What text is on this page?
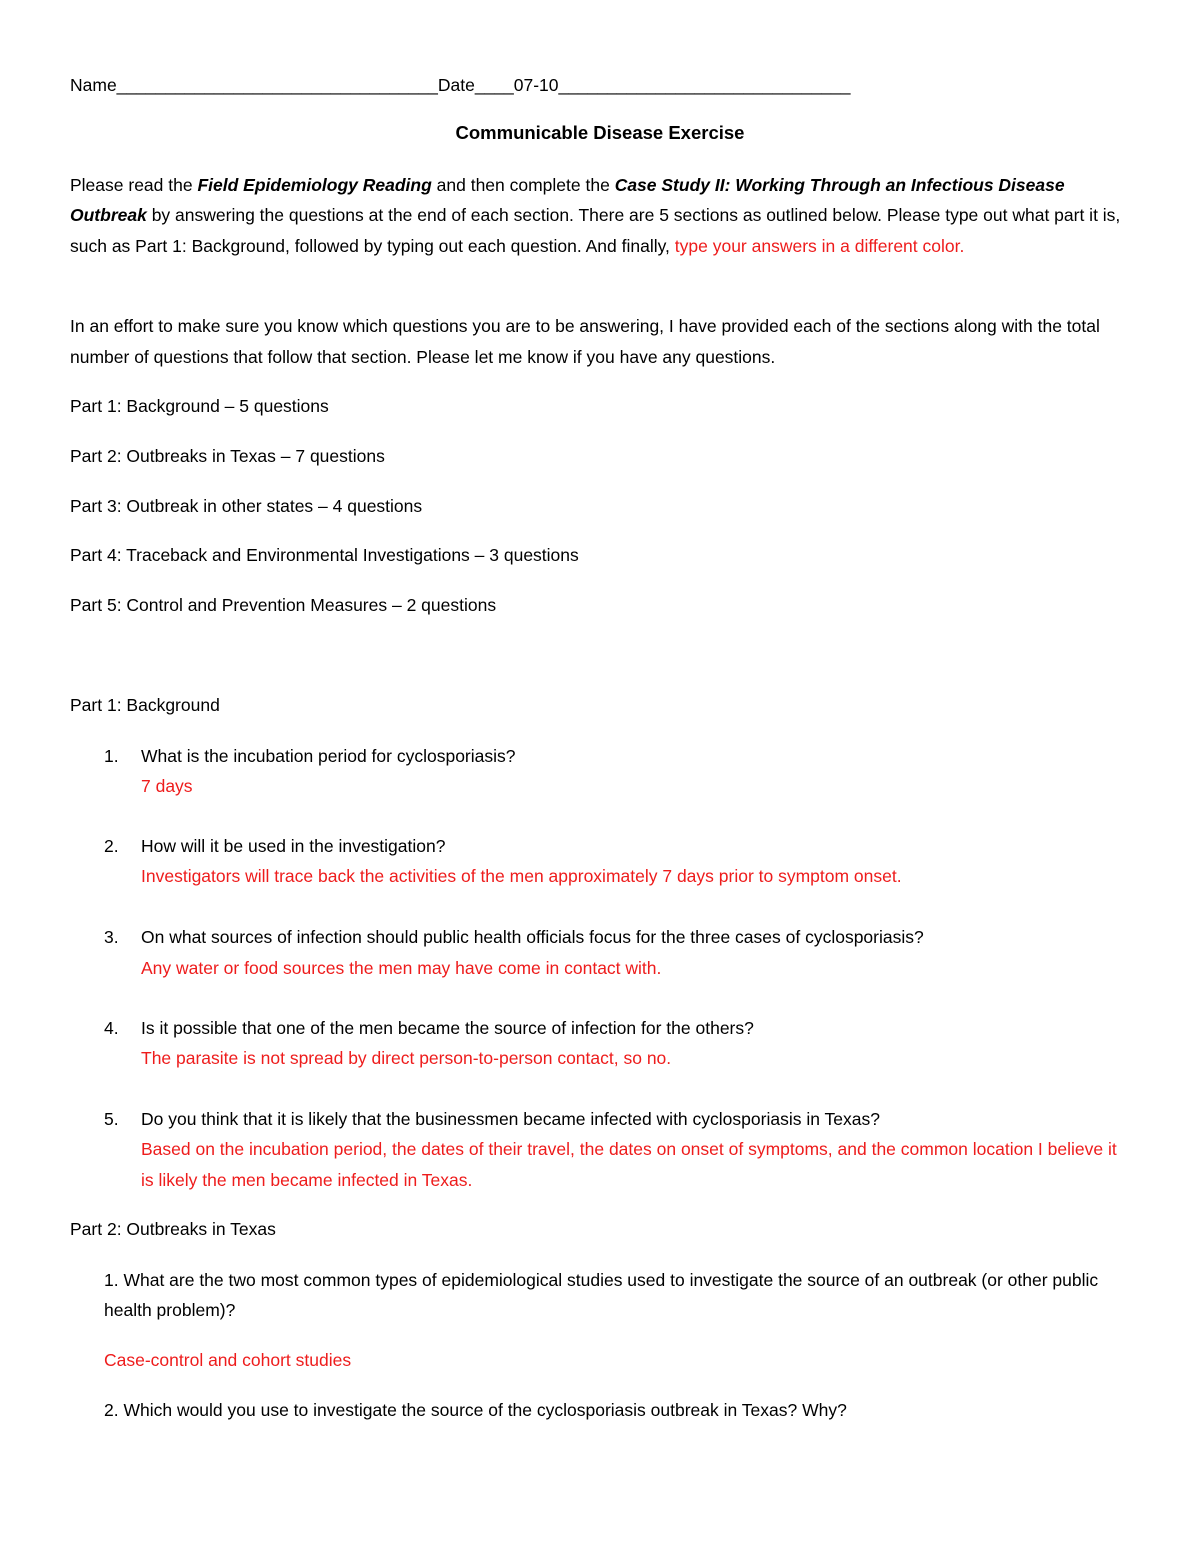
Name_________________________________Date____07-10______________________________
Communicable Disease Exercise
Please read the Field Epidemiology Reading and then complete the Case Study II: Working Through an Infectious Disease Outbreak by answering the questions at the end of each section. There are 5 sections as outlined below. Please type out what part it is, such as Part 1: Background, followed by typing out each question. And finally, type your answers in a different color.
In an effort to make sure you know which questions you are to be answering, I have provided each of the sections along with the total number of questions that follow that section. Please let me know if you have any questions.
Part 1: Background – 5 questions
Part 2: Outbreaks in Texas – 7 questions
Part 3: Outbreak in other states – 4 questions
Part 4: Traceback and Environmental Investigations – 3 questions
Part 5: Control and Prevention Measures – 2 questions
Part 1: Background
1. What is the incubation period for cyclosporiasis?
7 days
2. How will it be used in the investigation?
Investigators will trace back the activities of the men approximately 7 days prior to symptom onset.
3. On what sources of infection should public health officials focus for the three cases of cyclosporiasis?
Any water or food sources the men may have come in contact with.
4. Is it possible that one of the men became the source of infection for the others?
The parasite is not spread by direct person-to-person contact, so no.
5. Do you think that it is likely that the businessmen became infected with cyclosporiasis in Texas?
Based on the incubation period, the dates of their travel, the dates on onset of symptoms, and the common location I believe it is likely the men became infected in Texas.
Part 2: Outbreaks in Texas
1. What are the two most common types of epidemiological studies used to investigate the source of an outbreak (or other public health problem)?
Case-control and cohort studies
2. Which would you use to investigate the source of the cyclosporiasis outbreak in Texas? Why?
